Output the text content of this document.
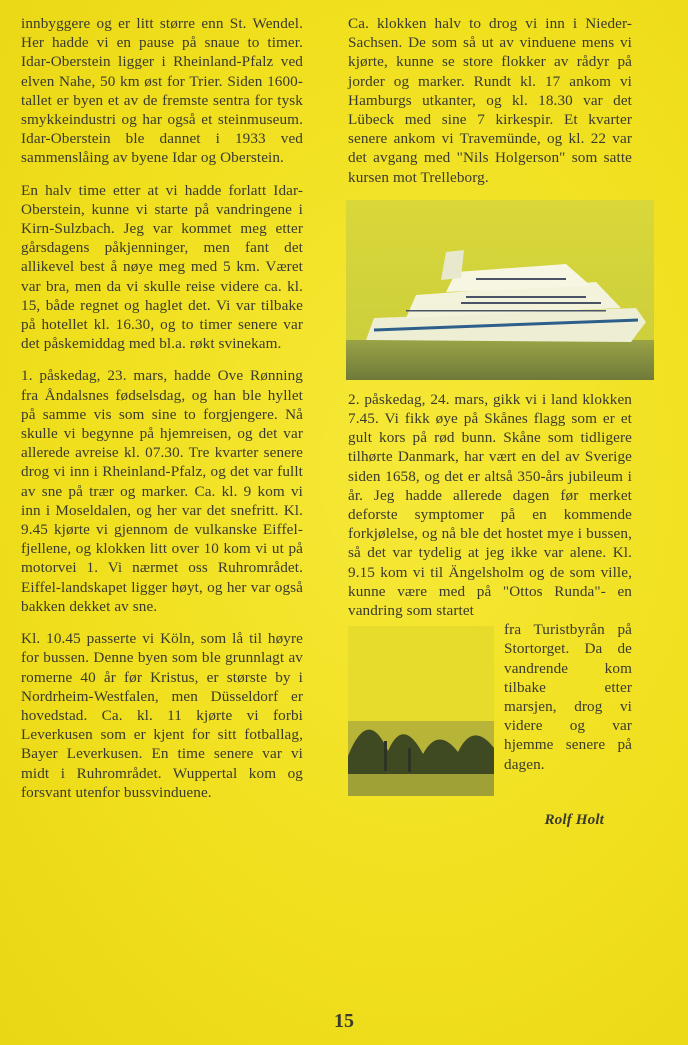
innbyggere og er litt større enn St. Wendel. Her hadde vi en pause på snaue to timer. Idar-Oberstein ligger i Rheinland-Pfalz ved elven Nahe, 50 km øst for Trier. Siden 1600-tallet er byen et av de fremste sentra for tysk smykkeindustri og har også et steinmuseum. Idar-Oberstein ble dannet i 1933 ved sammenslåing av byene Idar og Oberstein.

En halv time etter at vi hadde forlatt Idar-Oberstein, kunne vi starte på vandringene i Kirn-Sulzbach. Jeg var kommet meg etter gårsdagens påkjenninger, men fant det allikevel best å nøye meg med 5 km. Været var bra, men da vi skulle reise videre ca. kl. 15, både regnet og haglet det. Vi var tilbake på hotellet kl. 16.30, og to timer senere var det påskemiddag med bl.a. røkt svinekam.

1. påskedag, 23. mars, hadde Ove Rønning fra Åndalsnes fødselsdag, og han ble hyllet på samme vis som sine to forgjengere. Nå skulle vi begynne på hjemreisen, og det var allerede avreise kl. 07.30. Tre kvarter senere drog vi inn i Rheinland-Pfalz, og det var fullt av sne på trær og marker. Ca. kl. 9 kom vi inn i Moseldalen, og her var det snefritt. Kl. 9.45 kjørte vi gjennom de vulkanske Eiffel-fjellene, og klokken litt over 10 kom vi ut på motorvei 1. Vi nærmet oss Ruhrområdet. Eiffel-landskapet ligger høyt, og her var også bakken dekket av sne.

Kl. 10.45 passerte vi Köln, som lå til høyre for bussen. Denne byen som ble grunnlagt av romerne 40 år før Kristus, er største by i Nordrheim-Westfalen, men Düsseldorf er hovedstad. Ca. kl. 11 kjørte vi forbi Leverkusen som er kjent for sitt fotballag, Bayer Leverkusen. En time senere var vi midt i Ruhrområdet. Wuppertal kom og forsvant utenfor bussvinduene.

Ca. klokken halv to drog vi inn i Nieder-Sachsen. De som så ut av vinduene mens vi kjørte, kunne se store flokker av rådyr på jorder og marker. Rundt kl. 17 ankom vi Hamburgs utkanter, og kl. 18.30 var det Lübeck med sine 7 kirkespir. Et kvarter senere ankom vi Travemünde, og kl. 22 var det avgang med "Nils Holgerson" som satte kursen mot Trelleborg.

2. påskedag, 24. mars, gikk vi i land klokken 7.45. Vi fikk øye på Skånes flagg som er et gult kors på rød bunn. Skåne som tidligere tilhørte Danmark, har vært en del av Sverige siden 1658, og det er altså 350-års jubileum i år. Jeg hadde allerede dagen før merket deforste symptomer på en kommende forkjølelse, og nå ble det hostet mye i bussen, så det var tydelig at jeg ikke var alene. Kl. 9.15 kom vi til Ängelsholm og de som ville, kunne være med på "Ottos Runda"- en vandring som startet

fra Turistbyrån på Stortorget. Da de vandrende kom tilbake etter marsjen, drog vi videre og var hjemme senere på dagen.
Rolf Holt
15
